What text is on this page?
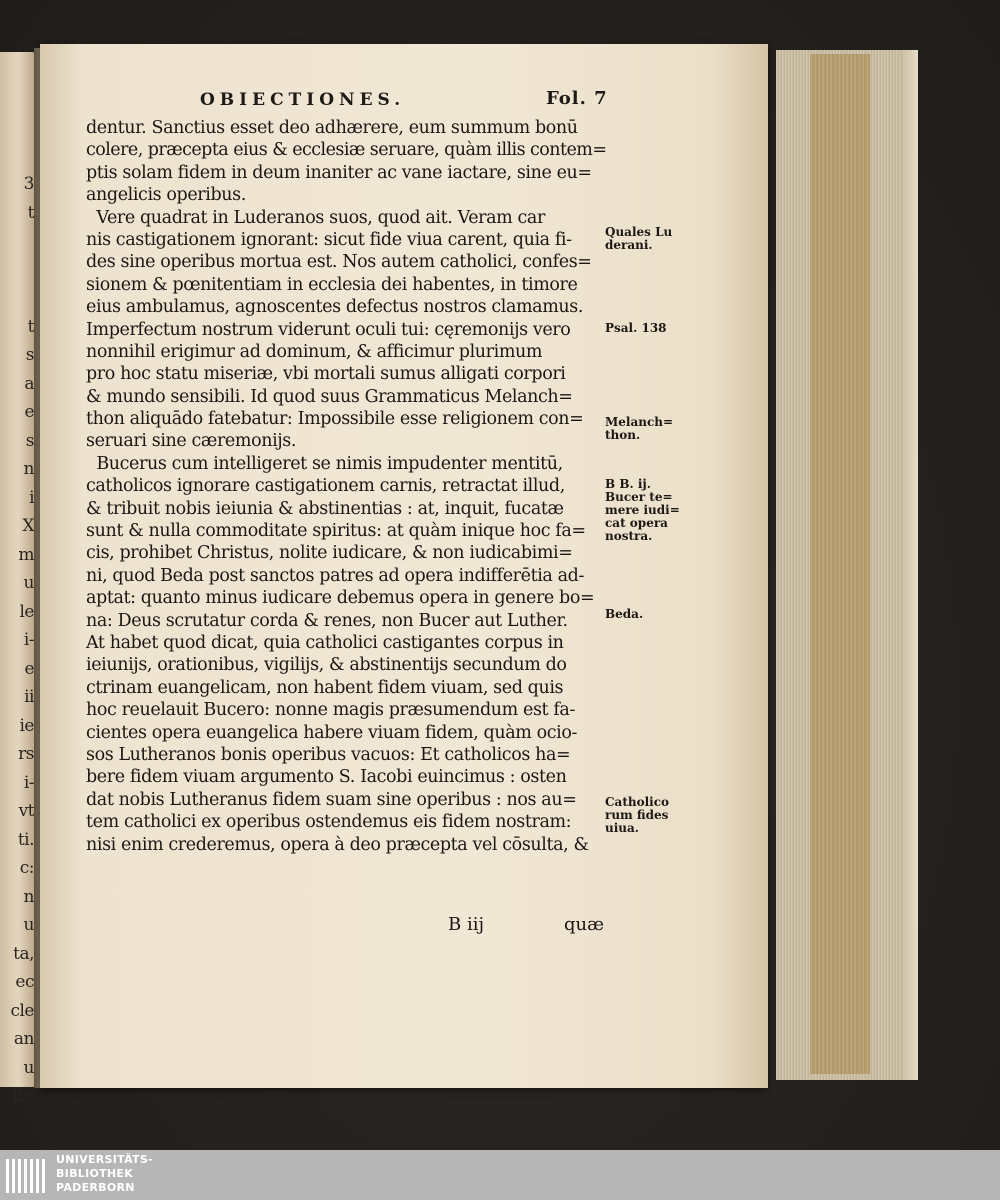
3
t
t
s
a
e
s
n
i
X
m
u
le
i-
e
ii
ie
rs
i-
vt
ti.
c:
n
u
ta,
ec
cle
an
u
ur.
OBIECTIONES.	Fol. 7
dentur. Sanctius esset deo adhærere, eum summum bonū
colere, præcepta eius & ecclesiæ seruare, quàm illis contem=
ptis solam fidem in deum inaniter ac vane iactare, sine eu=
angelicis operibus.
Vere quadrat in Luderanos suos, quod ait. Veram car
nis castigationem ignorant: sicut fide viua carent, quia fi-
des sine operibus mortua est. Nos autem catholici, confes=
sionem & pœnitentiam in ecclesia dei habentes, in timore
eius ambulamus, agnoscentes defectus nostros clamamus.
Imperfectum nostrum viderunt oculi tui: cęremonijs vero
nonnihil erigimur ad dominum, & afficimur plurimum
pro hoc statu miseriæ, vbi mortali sumus alligati corpori
& mundo sensibili. Id quod suus Grammaticus Melanch=
thon aliquādo fatebatur: Impossibile esse religionem con=
seruari sine cæremonijs.
Bucerus cum intelligeret se nimis impudenter mentitū,
catholicos ignorare castigationem carnis, retractat illud,
& tribuit nobis ieiunia & abstinentias : at, inquit, fucatæ
sunt & nulla commoditate spiritus: at quàm inique hoc fa=
cis, prohibet Christus, nolite iudicare, & non iudicabimi=
ni, quod Beda post sanctos patres ad opera indifferētia ad-
aptat: quanto minus iudicare debemus opera in genere bo=
na: Deus scrutatur corda & renes, non Bucer aut Luther.
At habet quod dicat, quia catholici castigantes corpus in
ieiunijs, orationibus, vigilijs, & abstinentijs secundum do
ctrinam euangelicam, non habent fidem viuam, sed quis
hoc reuelauit Bucero: nonne magis præsumendum est fa-
cientes opera euangelica habere viuam fidem, quàm ocio-
sos Lutheranos bonis operibus vacuos: Et catholicos ha=
bere fidem viuam argumento S. Iacobi euincimus : osten
dat nobis Lutheranus fidem suam sine operibus : nos au=
tem catholici ex operibus ostendemus eis fidem nostram:
nisi enim crederemus, opera à deo præcepta vel cōsulta, &
Quales Lu
derani.
Psal. 138
Melanch=
thon.
B B. ij.
Bucer te=
mere iudi=
cat opera
nostra.
Beda.
Catholico
rum fides
uiua.
B iij	quæ
UNIVERSITÄTS-
BIBLIOTHEK
PADERBORN
